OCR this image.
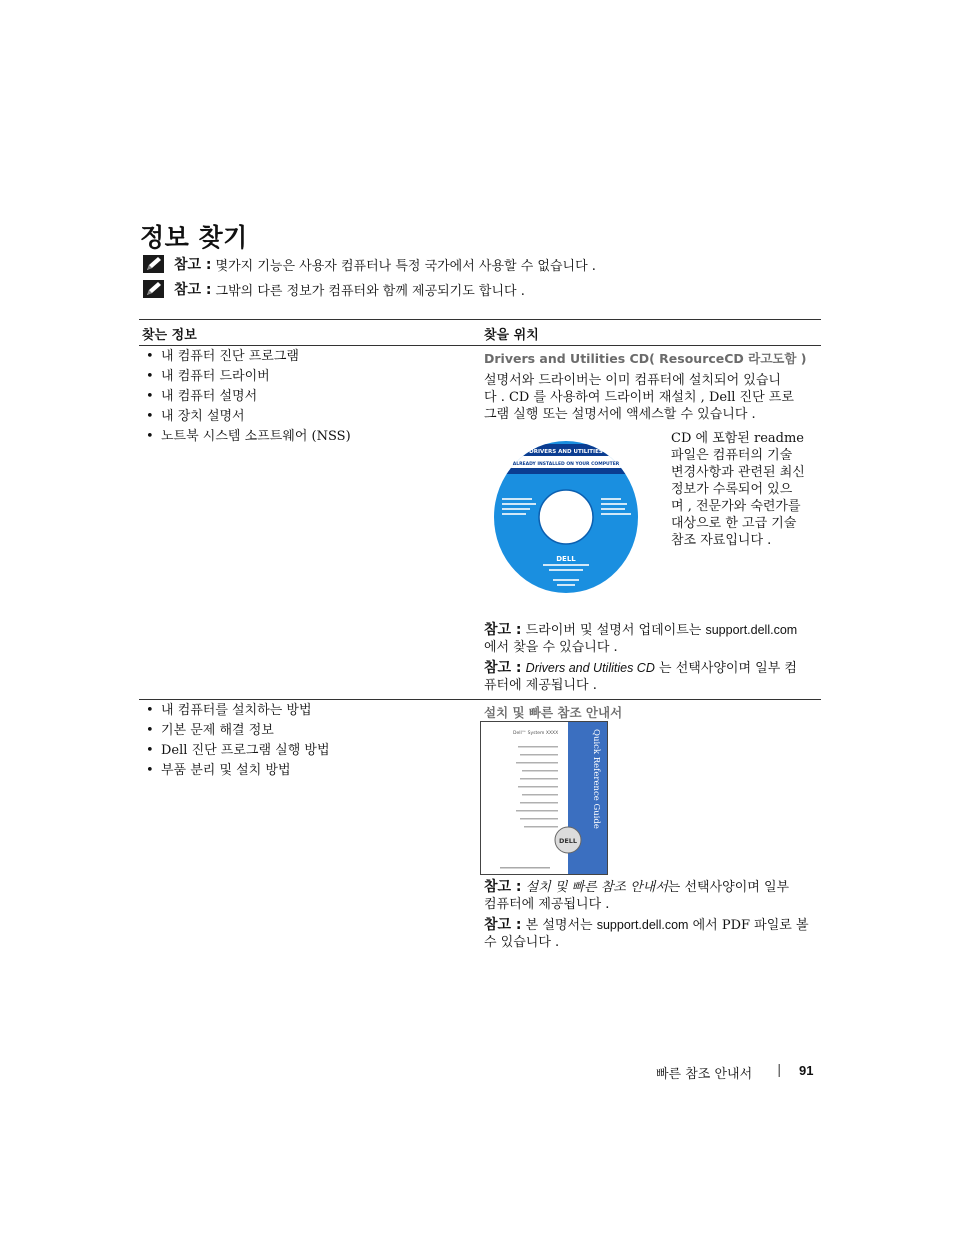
정보 찾기
참고 : 몇가지 기능은 사용자 컴퓨터나 특정 국가에서 사용할 수 없습니다 .
참고 : 그밖의 다른 정보가 컴퓨터와 함께 제공되기도 합니다 .
찾는 정보	찾을 위치
• 내 컴퓨터 진단 프로그램
• 내 컴퓨터 드라이버
• 내 컴퓨터 설명서
• 내 장치 설명서
• 노트북 시스템 소프트웨어 (NSS)
Drivers and Utilities CD( ResourceCD 라고도함 )
설명서와 드라이버는 이미 컴퓨터에 설치되어 있습니
다 . CD 를 사용하여 드라이버 재설치 , Dell 진단 프로
그램 실행 또는 설명서에 액세스할 수 있습니다 .
DRIVERS AND UTILITIES
ALREADY INSTALLED ON YOUR COMPUTER
DELL
CD 에 포함된 readme
파일은 컴퓨터의 기술
변경사항과 관련된 최신
정보가 수록되어 있으
며 , 전문가와 숙련가를
대상으로 한 고급 기술
참조 자료입니다 .
참고 : 드라이버 및 설명서 업데이트는 support.dell.com
에서 찾을 수 있습니다 .
참고 : Drivers and Utilities CD 는 선택사양이며 일부 컴
퓨터에 제공됩니다 .
• 내 컴퓨터를 설치하는 방법
• 기본 문제 해결 정보
• Dell 진단 프로그램 실행 방법
• 부품 분리 및 설치 방법
설치 및 빠른 참조 안내서
Quick Reference Guide
Dell™ System XXXX
DELL
참고 : 설치 및 빠른 참조 안내서는 선택사양이며 일부
컴퓨터에 제공됩니다 .
참고 : 본 설명서는 support.dell.com 에서 PDF 파일로 볼
수 있습니다 .
빠른 참조 안내서 | 91
